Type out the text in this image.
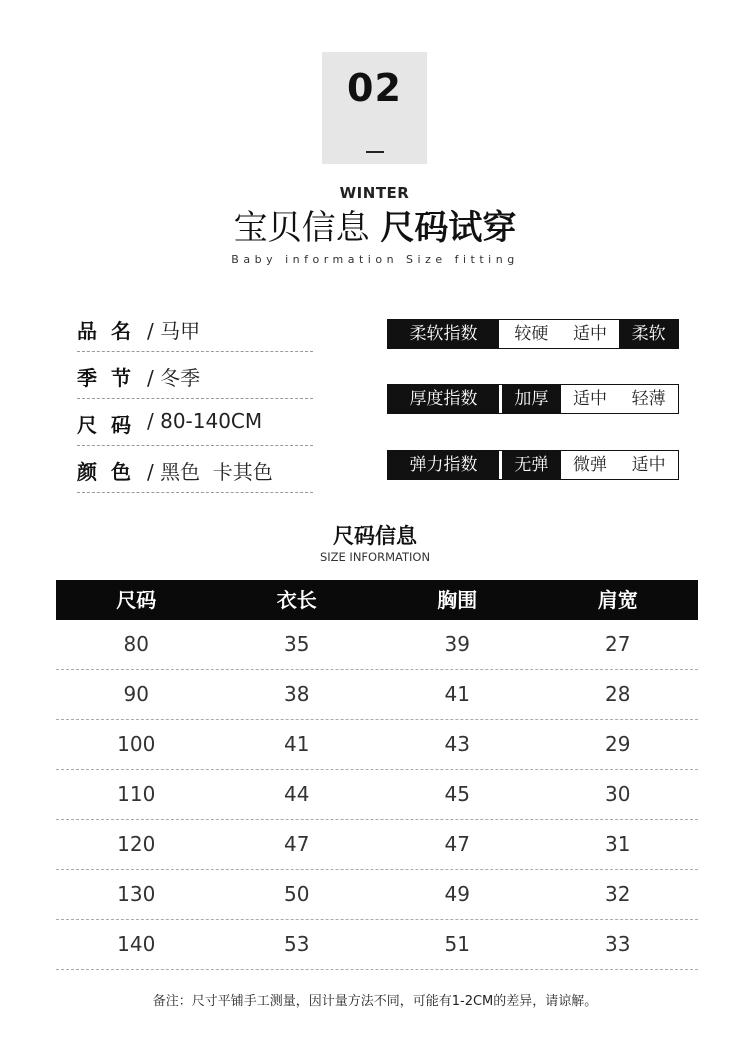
02
WINTER
宝贝信息 尺码试穿
Baby information Size fitting
品名 / 马甲
季节 / 冬季
尺码 / 80-140CM
颜色 / 黑色  卡其色
柔软指数	较硬	适中	柔软
厚度指数	加厚	适中	轻薄
弹力指数	无弹	微弹	适中
尺码信息
SIZE INFORMATION
尺码	衣长	胸围	肩宽
80	35	39	27
90	38	41	28
100	41	43	29
110	44	45	30
120	47	47	31
130	50	49	32
140	53	51	33
备注：尺寸平铺手工测量，因计量方法不同，可能有1-2CM的差异，请谅解。
